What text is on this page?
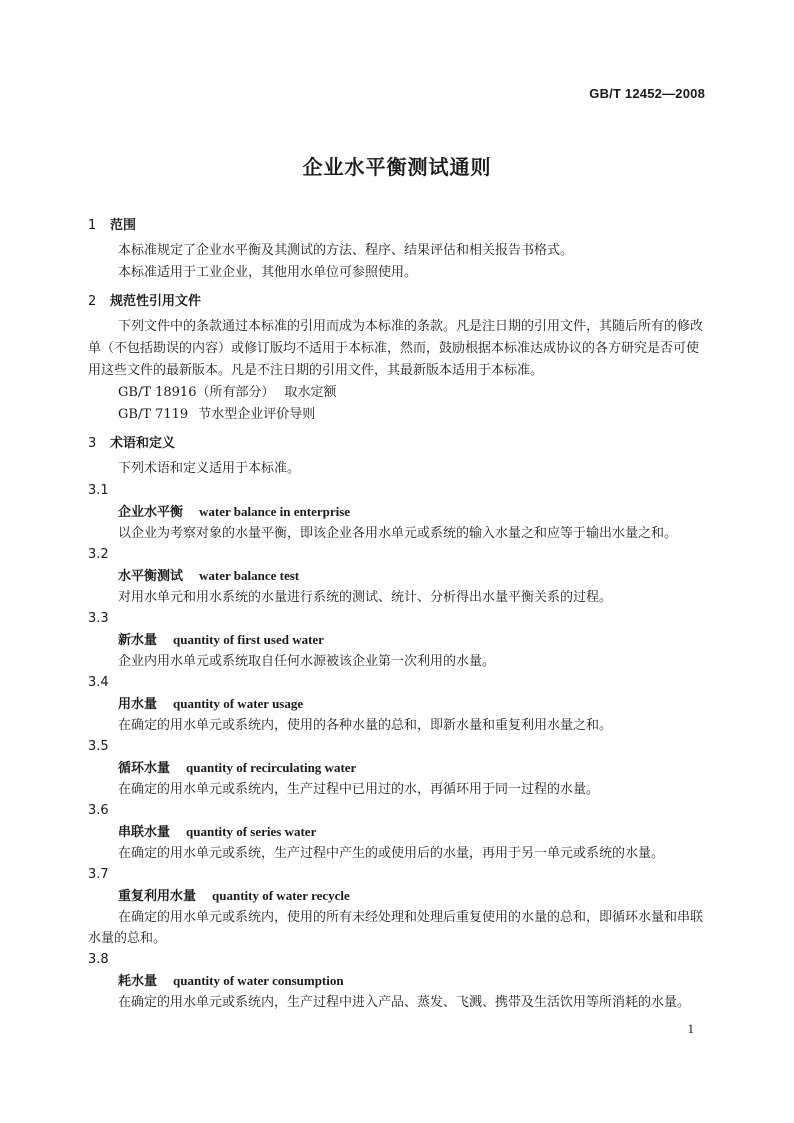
GB/T 12452—2008
企业水平衡测试通则
1 范围
本标准规定了企业水平衡及其测试的方法、程序、结果评估和相关报告书格式。
本标准适用于工业企业，其他用水单位可参照使用。
2 规范性引用文件
下列文件中的条款通过本标准的引用而成为本标准的条款。凡是注日期的引用文件，其随后所有的修改单（不包括勘误的内容）或修订版均不适用于本标准，然而，鼓励根据本标准达成协议的各方研究是否可使用这些文件的最新版本。凡是不注日期的引用文件，其最新版本适用于本标准。
GB/T 18916（所有部分） 取水定额
GB/T 7119 节水型企业评价导则
3 术语和定义
下列术语和定义适用于本标准。
3.1
企业水平衡 water balance in enterprise
以企业为考察对象的水量平衡，即该企业各用水单元或系统的输入水量之和应等于输出水量之和。
3.2
水平衡测试 water balance test
对用水单元和用水系统的水量进行系统的测试、统计、分析得出水量平衡关系的过程。
3.3
新水量 quantity of first used water
企业内用水单元或系统取自任何水源被该企业第一次利用的水量。
3.4
用水量 quantity of water usage
在确定的用水单元或系统内，使用的各种水量的总和，即新水量和重复利用水量之和。
3.5
循环水量 quantity of recirculating water
在确定的用水单元或系统内，生产过程中已用过的水，再循环用于同一过程的水量。
3.6
串联水量 quantity of series water
在确定的用水单元或系统，生产过程中产生的或使用后的水量，再用于另一单元或系统的水量。
3.7
重复利用水量 quantity of water recycle
在确定的用水单元或系统内，使用的所有未经处理和处理后重复使用的水量的总和，即循环水量和串联水量的总和。
3.8
耗水量 quantity of water consumption
在确定的用水单元或系统内，生产过程中进入产品、蒸发、飞溅、携带及生活饮用等所消耗的水量。
1
